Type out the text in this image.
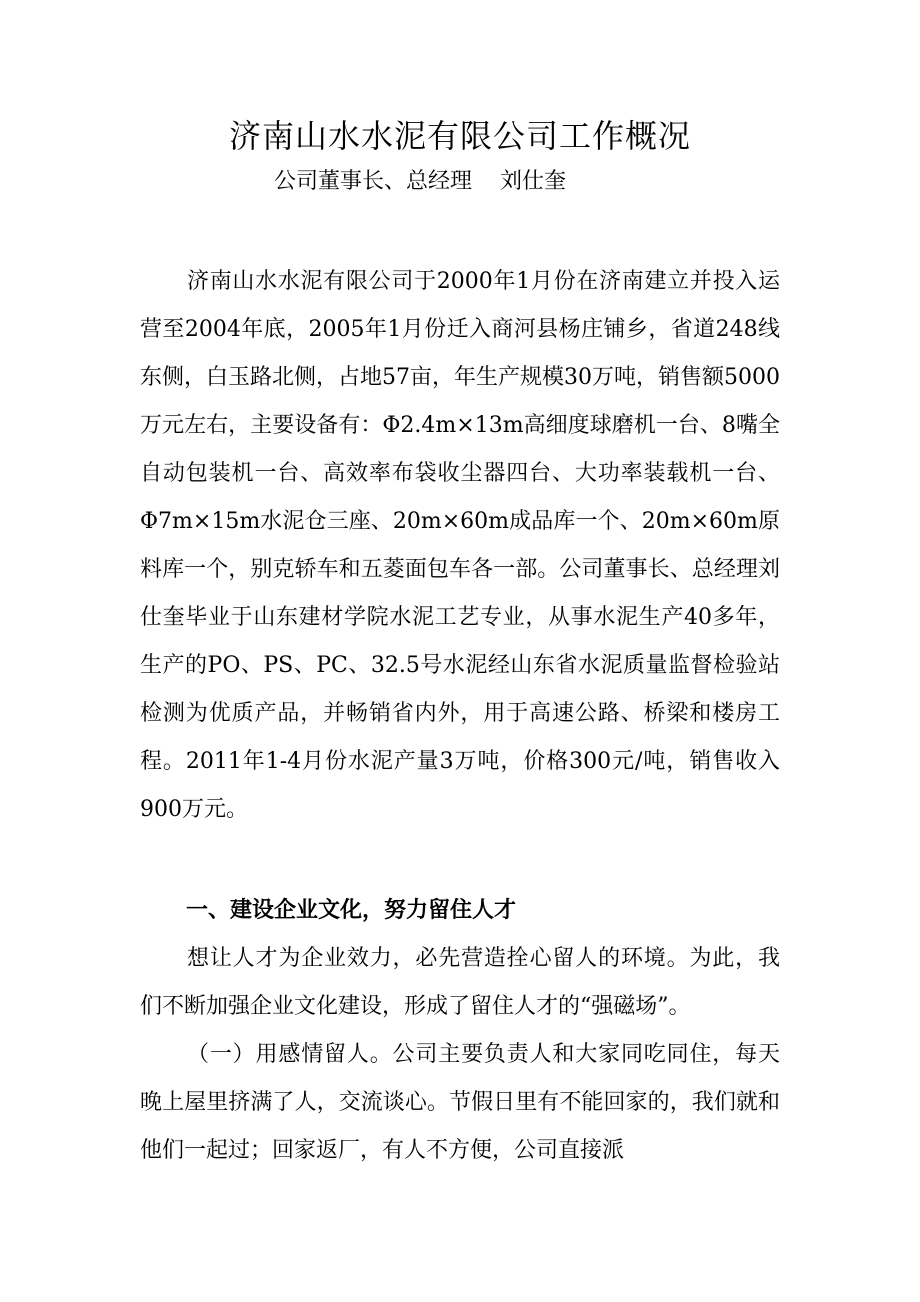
济南山水水泥有限公司工作概况
公司董事长、总经理    刘仕奎

济南山水水泥有限公司于2000年1月份在济南建立并投入运营至2004年底，2005年1月份迁入商河县杨庄铺乡，省道248线东侧，白玉路北侧，占地57亩，年生产规模30万吨，销售额5000万元左右，主要设备有：Φ2.4m×13m高细度球磨机一台、8嘴全自动包装机一台、高效率布袋收尘器四台、大功率装载机一台、Φ7m×15m水泥仓三座、20m×60m成品库一个、20m×60m原料库一个，别克轿车和五菱面包车各一部。公司董事长、总经理刘仕奎毕业于山东建材学院水泥工艺专业，从事水泥生产40多年，生产的PO、PS、PC、32.5号水泥经山东省水泥质量监督检验站检测为优质产品，并畅销省内外，用于高速公路、桥梁和楼房工程。2011年1-4月份水泥产量3万吨，价格300元/吨，销售收入900万元。

一、建设企业文化，努力留住人才

想让人才为企业效力，必先营造拴心留人的环境。为此，我们不断加强企业文化建设，形成了留住人才的“强磁场”。

（一）用感情留人。公司主要负责人和大家同吃同住，每天晚上屋里挤满了人，交流谈心。节假日里有不能回家的，我们就和他们一起过；回家返厂，有人不方便，公司直接派
